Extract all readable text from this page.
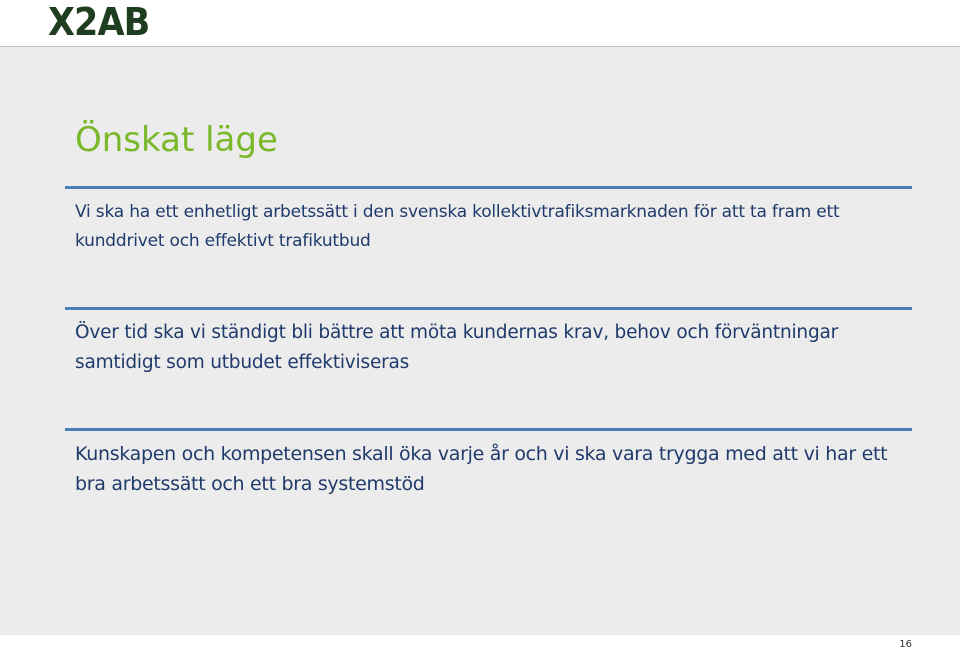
X2AB
Önskat läge

Vi ska ha ett enhetligt arbetssätt i den svenska kollektivtrafiksmarknaden för att ta fram ett kunddrivet och effektivt trafikutbud

Över tid ska vi ständigt bli bättre att möta kundernas krav, behov och förväntningar samtidigt som utbudet effektiviseras

Kunskapen och kompetensen skall öka varje år och vi ska vara trygga med att vi har ett bra arbetssätt och ett bra systemstöd

16
